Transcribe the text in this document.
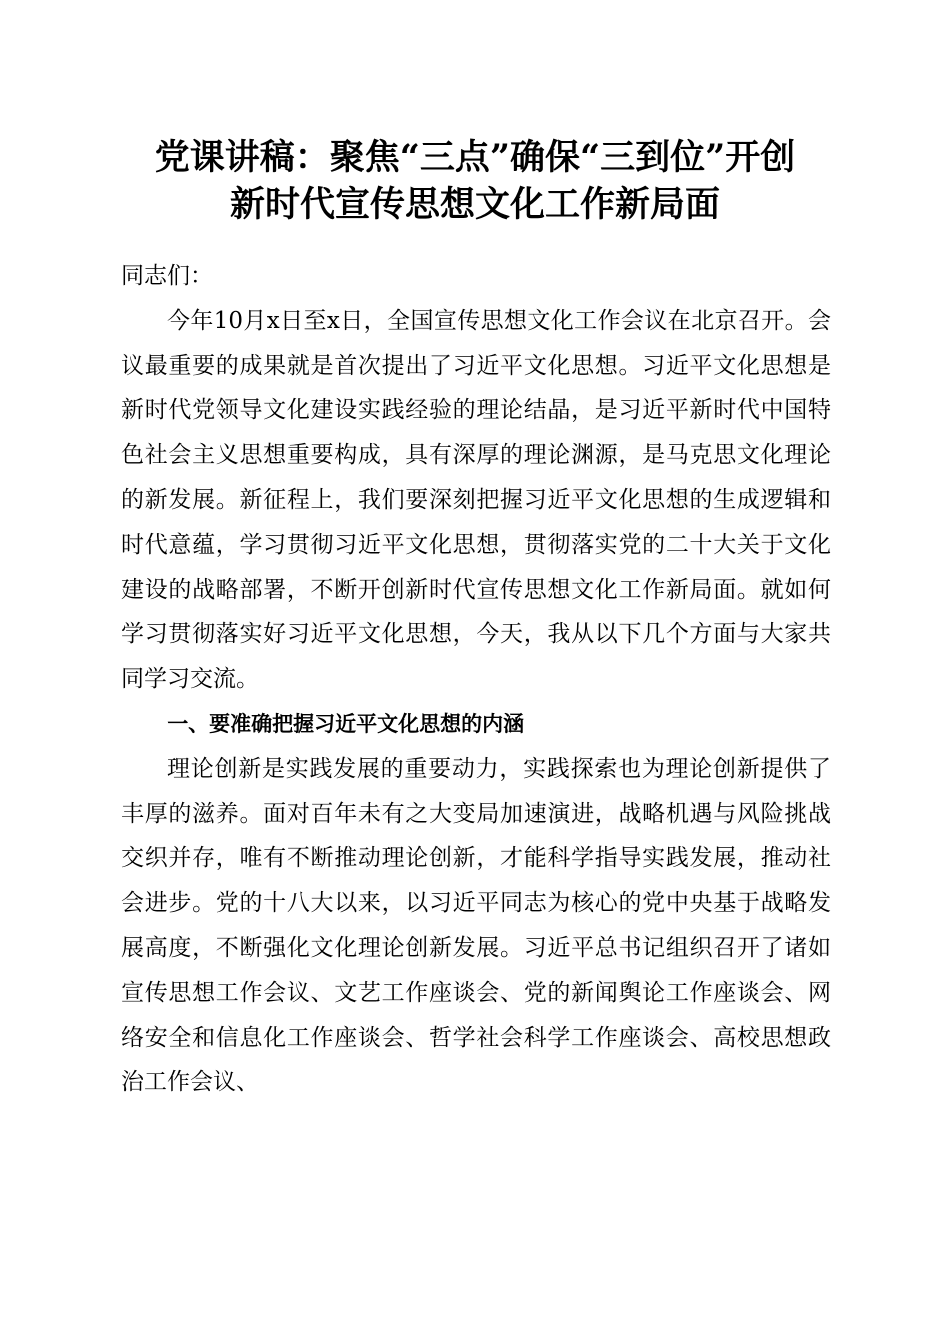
党课讲稿：聚焦“三点”确保“三到位”开创
新时代宣传思想文化工作新局面

同志们：

今年10月x日至x日，全国宣传思想文化工作会议在北京召开。会议最重要的成果就是首次提出了习近平文化思想。习近平文化思想是新时代党领导文化建设实践经验的理论结晶，是习近平新时代中国特色社会主义思想重要构成，具有深厚的理论渊源，是马克思文化理论的新发展。新征程上，我们要深刻把握习近平文化思想的生成逻辑和时代意蕴，学习贯彻习近平文化思想，贯彻落实党的二十大关于文化建设的战略部署，不断开创新时代宣传思想文化工作新局面。就如何学习贯彻落实好习近平文化思想，今天，我从以下几个方面与大家共同学习交流。

一、要准确把握习近平文化思想的内涵

理论创新是实践发展的重要动力，实践探索也为理论创新提供了丰厚的滋养。面对百年未有之大变局加速演进，战略机遇与风险挑战交织并存，唯有不断推动理论创新，才能科学指导实践发展，推动社会进步。党的十八大以来，以习近平同志为核心的党中央基于战略发展高度，不断强化文化理论创新发展。习近平总书记组织召开了诸如宣传思想工作会议、文艺工作座谈会、党的新闻舆论工作座谈会、网络安全和信息化工作座谈会、哲学社会科学工作座谈会、高校思想政治工作会议、
